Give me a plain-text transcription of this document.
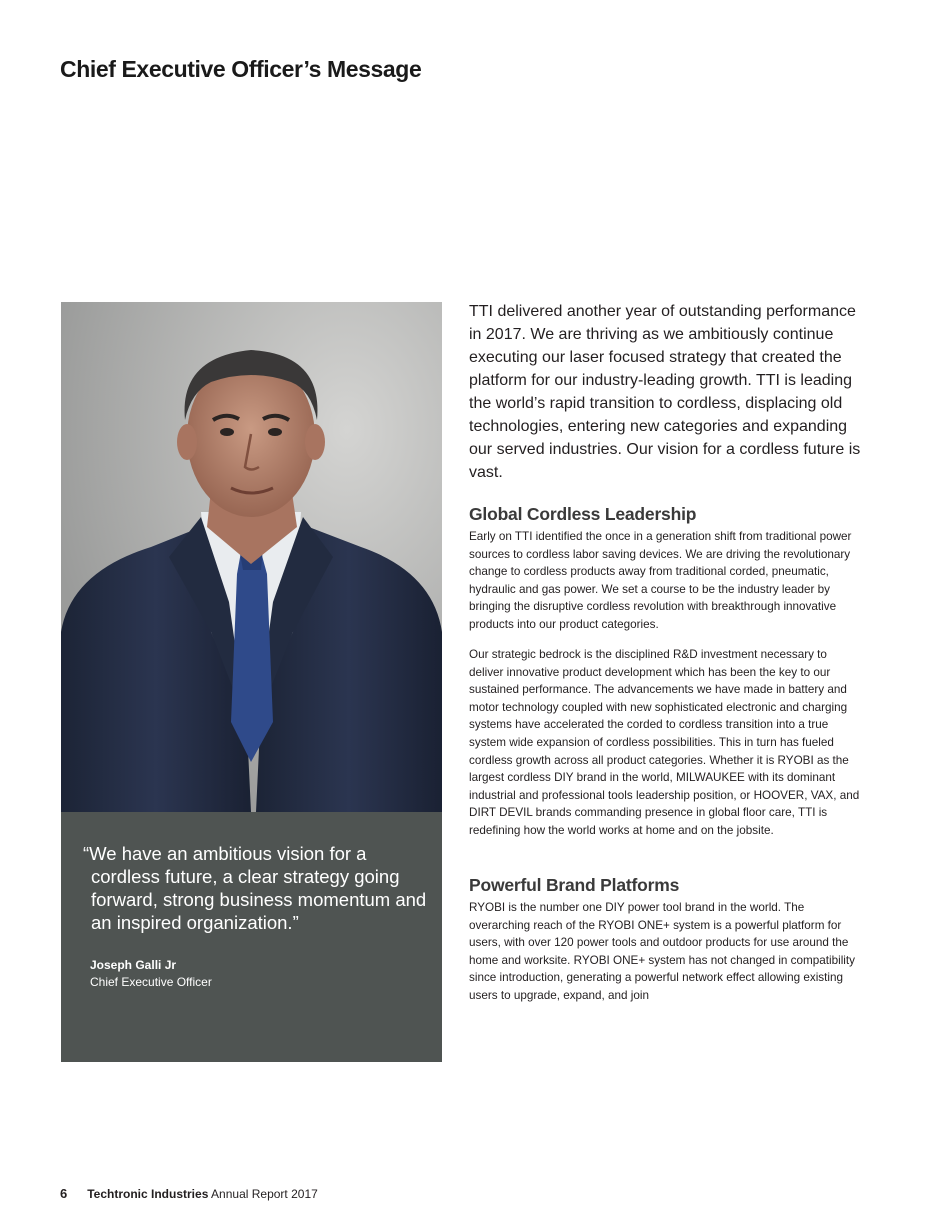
Chief Executive Officer’s Message

“We have an ambitious vision for a cordless future, a clear strategy going forward, strong business momentum and an inspired organization.”

Joseph Galli Jr

Chief Executive Officer

TTI delivered another year of outstanding performance in 2017. We are thriving as we ambitiously continue executing our laser focused strategy that created the platform for our industry-leading growth. TTI is leading the world’s rapid transition to cordless, displacing old technologies, entering new categories and expanding our served industries. Our vision for a cordless future is vast.

Global Cordless Leadership

Early on TTI identified the once in a generation shift from traditional power sources to cordless labor saving devices. We are driving the revolutionary change to cordless products away from traditional corded, pneumatic, hydraulic and gas power. We set a course to be the industry leader by bringing the disruptive cordless revolution with breakthrough innovative products into our product categories.

Our strategic bedrock is the disciplined R&D investment necessary to deliver innovative product development which has been the key to our sustained performance. The advancements we have made in battery and motor technology coupled with new sophisticated electronic and charging systems have accelerated the corded to cordless transition into a true system wide expansion of cordless possibilities. This in turn has fueled cordless growth across all product categories. Whether it is RYOBI as the largest cordless DIY brand in the world, MILWAUKEE with its dominant industrial and professional tools leadership position, or HOOVER, VAX, and DIRT DEVIL brands commanding presence in global floor care, TTI is redefining how the world works at home and on the jobsite.

Powerful Brand Platforms

RYOBI is the number one DIY power tool brand in the world. The overarching reach of the RYOBI ONE+ system is a powerful platform for users, with over 120 power tools and outdoor products for use around the home and worksite. RYOBI ONE+ system has not changed in compatibility since introduction, generating a powerful network effect allowing existing users to upgrade, expand, and join

6 Techtronic Industries Annual Report 2017
